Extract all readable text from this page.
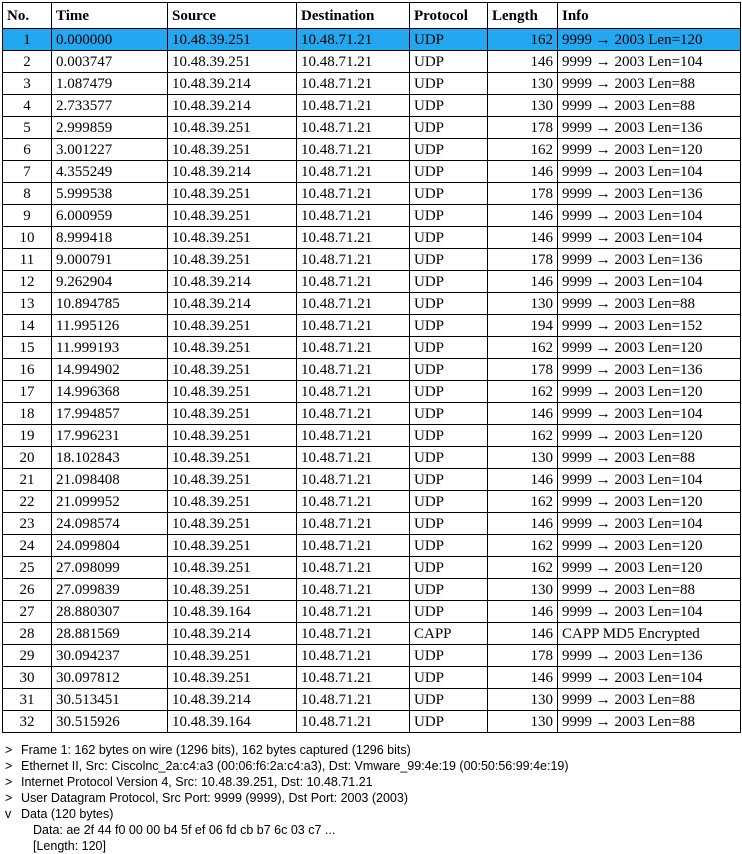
No.	Time	Source	Destination	Protocol	Length	Info
1	0.000000	10.48.39.251	10.48.71.21	UDP	162	9999 → 2003 Len=120
2	0.003747	10.48.39.251	10.48.71.21	UDP	146	9999 → 2003 Len=104
3	1.087479	10.48.39.214	10.48.71.21	UDP	130	9999 → 2003 Len=88
4	2.733577	10.48.39.214	10.48.71.21	UDP	130	9999 → 2003 Len=88
5	2.999859	10.48.39.251	10.48.71.21	UDP	178	9999 → 2003 Len=136
6	3.001227	10.48.39.251	10.48.71.21	UDP	162	9999 → 2003 Len=120
7	4.355249	10.48.39.214	10.48.71.21	UDP	146	9999 → 2003 Len=104
8	5.999538	10.48.39.251	10.48.71.21	UDP	178	9999 → 2003 Len=136
9	6.000959	10.48.39.251	10.48.71.21	UDP	146	9999 → 2003 Len=104
10	8.999418	10.48.39.251	10.48.71.21	UDP	146	9999 → 2003 Len=104
11	9.000791	10.48.39.251	10.48.71.21	UDP	178	9999 → 2003 Len=136
12	9.262904	10.48.39.214	10.48.71.21	UDP	146	9999 → 2003 Len=104
13	10.894785	10.48.39.214	10.48.71.21	UDP	130	9999 → 2003 Len=88
14	11.995126	10.48.39.251	10.48.71.21	UDP	194	9999 → 2003 Len=152
15	11.999193	10.48.39.251	10.48.71.21	UDP	162	9999 → 2003 Len=120
16	14.994902	10.48.39.251	10.48.71.21	UDP	178	9999 → 2003 Len=136
17	14.996368	10.48.39.251	10.48.71.21	UDP	162	9999 → 2003 Len=120
18	17.994857	10.48.39.251	10.48.71.21	UDP	146	9999 → 2003 Len=104
19	17.996231	10.48.39.251	10.48.71.21	UDP	162	9999 → 2003 Len=120
20	18.102843	10.48.39.251	10.48.71.21	UDP	130	9999 → 2003 Len=88
21	21.098408	10.48.39.251	10.48.71.21	UDP	146	9999 → 2003 Len=104
22	21.099952	10.48.39.251	10.48.71.21	UDP	162	9999 → 2003 Len=120
23	24.098574	10.48.39.251	10.48.71.21	UDP	146	9999 → 2003 Len=104
24	24.099804	10.48.39.251	10.48.71.21	UDP	162	9999 → 2003 Len=120
25	27.098099	10.48.39.251	10.48.71.21	UDP	162	9999 → 2003 Len=120
26	27.099839	10.48.39.251	10.48.71.21	UDP	130	9999 → 2003 Len=88
27	28.880307	10.48.39.164	10.48.71.21	UDP	146	9999 → 2003 Len=104
28	28.881569	10.48.39.214	10.48.71.21	CAPP	146	CAPP MD5 Encrypted
29	30.094237	10.48.39.251	10.48.71.21	UDP	178	9999 → 2003 Len=136
30	30.097812	10.48.39.251	10.48.71.21	UDP	146	9999 → 2003 Len=104
31	30.513451	10.48.39.214	10.48.71.21	UDP	130	9999 → 2003 Len=88
32	30.515926	10.48.39.164	10.48.71.21	UDP	130	9999 → 2003 Len=88
> Frame 1: 162 bytes on wire (1296 bits), 162 bytes captured (1296 bits)
> Ethernet II, Src: Ciscolnc_2a:c4:a3 (00:06:f6:2a:c4:a3), Dst: Vmware_99:4e:19 (00:50:56:99:4e:19)
> Internet Protocol Version 4, Src: 10.48.39.251, Dst: 10.48.71.21
> User Datagram Protocol, Src Port: 9999 (9999), Dst Port: 2003 (2003)
v Data (120 bytes)
Data: ae 2f 44 f0 00 00 b4 5f ef 06 fd cb b7 6c 03 c7 ...
[Length: 120]
